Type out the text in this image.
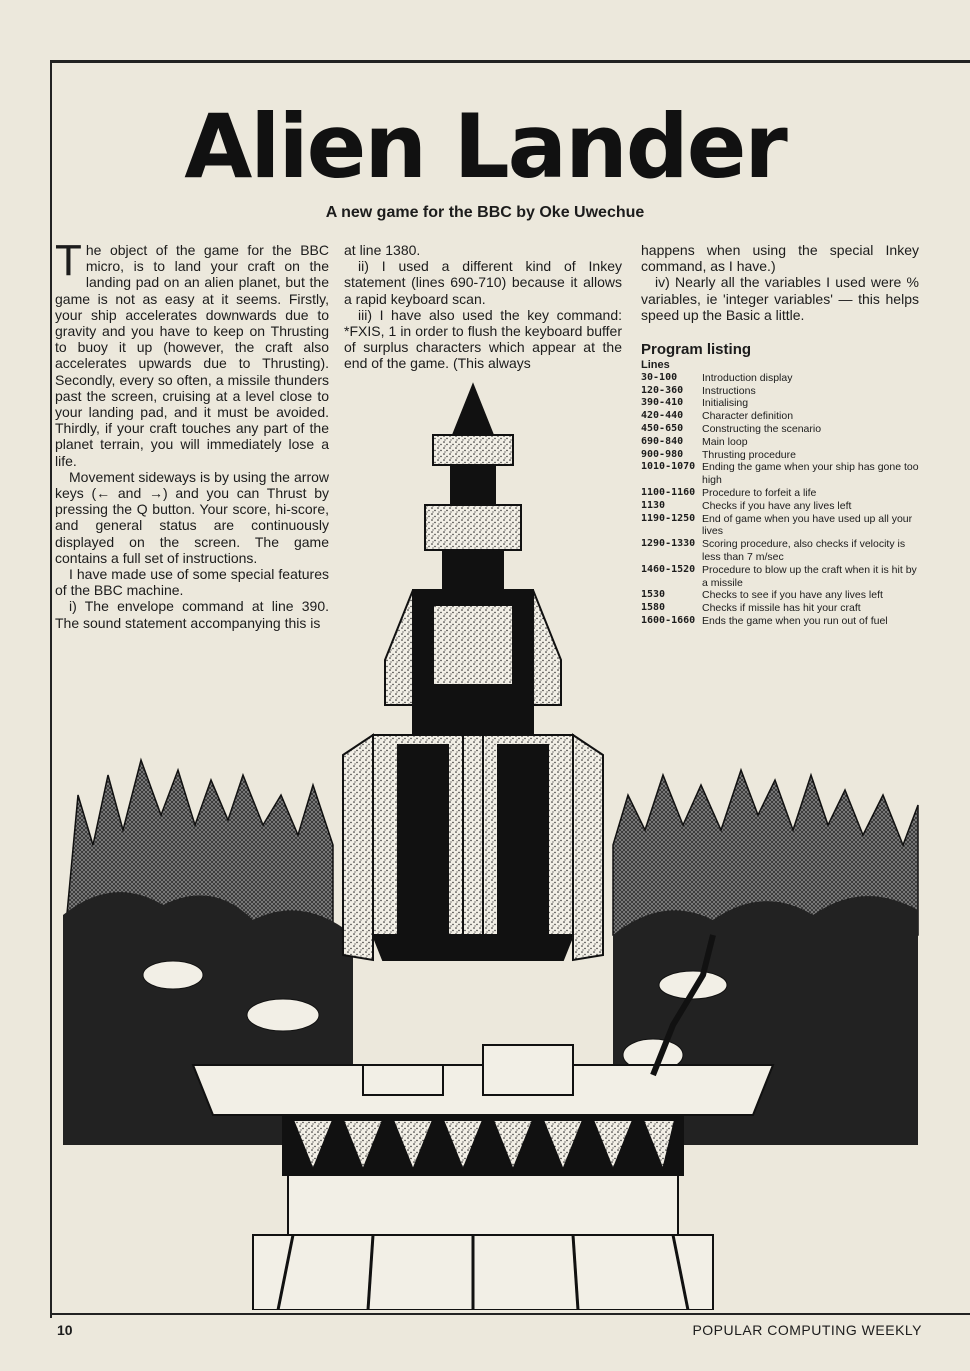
Alien Lander
A new game for the BBC by Oke Uwechue

The object of the game for the BBC micro, is to land your craft on the landing pad on an alien planet, but the game is not as easy at it seems. Firstly, your ship accelerates downwards due to gravity and you have to keep on Thrusting to buoy it up (however, the craft also accelerates upwards due to Thrusting). Secondly, every so often, a missile thunders past the screen, cruising at a level close to your landing pad, and it must be avoided. Thirdly, if your craft touches any part of the planet terrain, you will immediately lose a life.

Movement sideways is by using the arrow keys (← and →) and you can Thrust by pressing the Q button. Your score, hi-score, and general status are continuously displayed on the screen. The game contains a full set of instructions.

I have made use of some special features of the BBC machine.

i) The envelope command at line 390. The sound statement accompanying this is

at line 1380.

ii) I used a different kind of Inkey statement (lines 690-710) because it allows a rapid keyboard scan.

iii) I have also used the key command: *FXIS, 1 in order to flush the keyboard buffer of surplus characters which appear at the end of the game. (This always

happens when using the special Inkey command, as I have.)

iv) Nearly all the variables I used were % variables, ie 'integer variables' — this helps speed up the Basic a little.

Program listing
Lines
30-100	Introduction display
120-360	Instructions
390-410	Initialising
420-440	Character definition
450-650	Constructing the scenario
690-840	Main loop
900-980	Thrusting procedure
1010-1070 Ending the game when your ship has gone too high
1100-1160 Procedure to forfeit a life
1130	Checks if you have any lives left
1190-1250 End of game when you have used up all your lives
1290-1330 Scoring procedure, also checks if velocity is less than 7 m/sec
1460-1520 Procedure to blow up the craft when it is hit by a missile
1530	Checks to see if you have any lives left
1580	Checks if missile has hit your craft
1600-1660 Ends the game when you run out of fuel
10	POPULAR COMPUTING WEEKLY
